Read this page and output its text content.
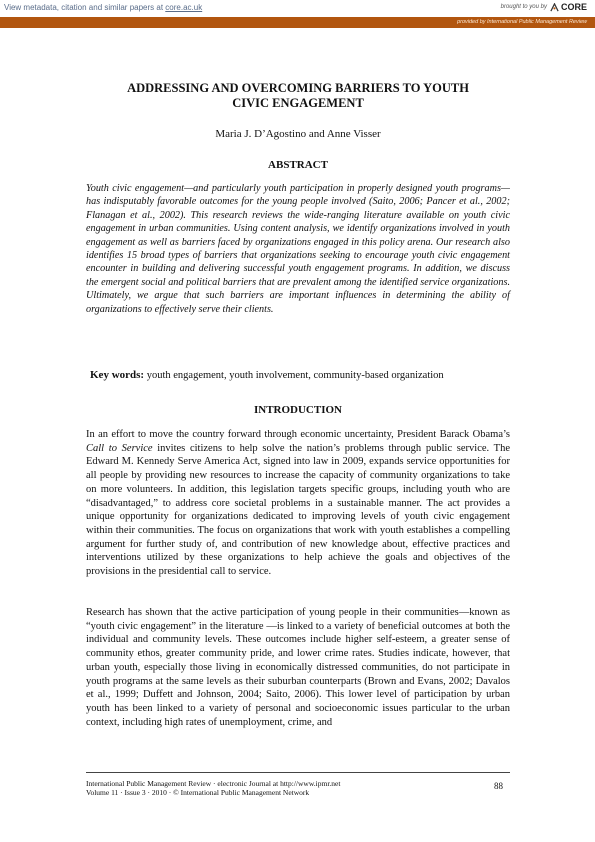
View metadata, citation and similar papers at core.ac.uk	brought to you by CORE
provided by International Public Management Review
ADDRESSING AND OVERCOMING BARRIERS TO YOUTH
CIVIC ENGAGEMENT
Maria J. D’Agostino and Anne Visser
ABSTRACT

Youth civic engagement—and particularly youth participation in properly designed youth programs—has indisputably favorable outcomes for the young people involved (Saito, 2006; Pancer et al., 2002; Flanagan et al., 2002). This research reviews the wide-ranging literature available on youth civic engagement in urban communities. Using content analysis, we identify organizations involved in youth engagement as well as barriers faced by organizations engaged in this policy arena. Our research also identifies 15 broad types of barriers that organizations seeking to encourage youth civic engagement encounter in building and delivering successful youth engagement programs. In addition, we discuss the emergent social and political barriers that are prevalent among the identified service organizations. Ultimately, we argue that such barriers are important influences in determining the ability of organizations to effectively serve their clients.

Key words: youth engagement, youth involvement, community-based organization
INTRODUCTION

In an effort to move the country forward through economic uncertainty, President Barack Obama’s Call to Service invites citizens to help solve the nation’s problems through public service. The Edward M. Kennedy Serve America Act, signed into law in 2009, expands service opportunities for all people by providing new resources to increase the capacity of community organizations to take on more volunteers. In addition, this legislation targets specific groups, including youth who are “disadvantaged,” to address core societal problems in a sustainable manner. The act provides a unique opportunity for organizations dedicated to improving levels of youth civic engagement within their communities. The focus on organizations that work with youth establishes a compelling argument for further study of, and contribution of new knowledge about, effective practices and interventions utilized by these organizations to help achieve the goals and objectives of the provisions in the presidential call to service.

Research has shown that the active participation of young people in their communities—known as “youth civic engagement” in the literature —is linked to a variety of beneficial outcomes at both the individual and community levels. These outcomes include higher self-esteem, a greater sense of community ethos, greater community pride, and lower crime rates. Studies indicate, however, that urban youth, especially those living in economically distressed communities, do not participate in youth programs at the same levels as their suburban counterparts (Brown and Evans, 2002; Davalos et al., 1999; Duffett and Johnson, 2004; Saito, 2006). This lower level of participation by urban youth has been linked to a variety of personal and socioeconomic issues particular to the urban context, including high rates of unemployment, crime, and

International Public Management Review · electronic Journal at http://www.ipmr.net
Volume 11 · Issue 3 · 2010 · © International Public Management Network
88
